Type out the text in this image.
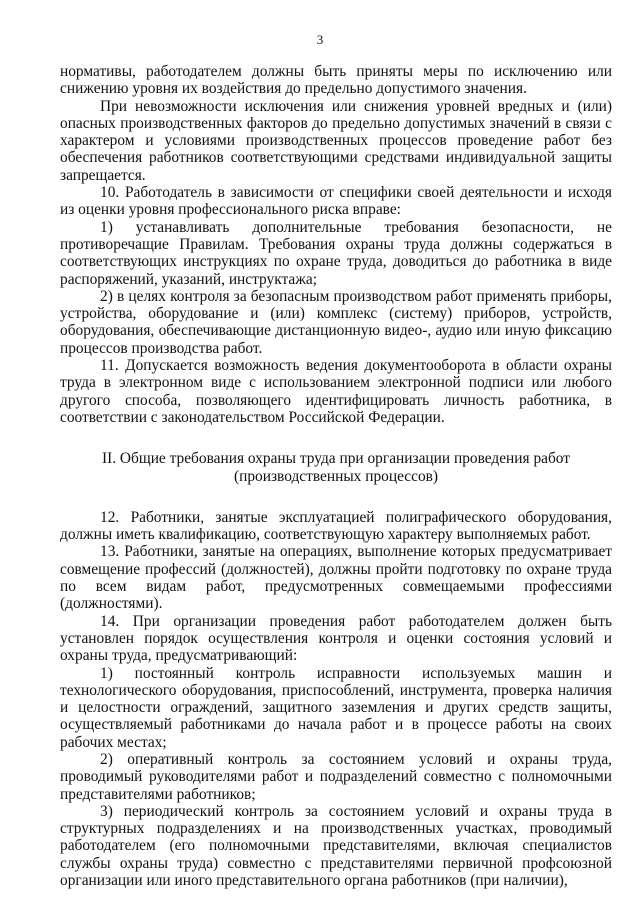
3

нормативы, работодателем должны быть приняты меры по исключению или снижению уровня их воздействия до предельно допустимого значения.

При невозможности исключения или снижения уровней вредных и (или) опасных производственных факторов до предельно допустимых значений в связи с характером и условиями производственных процессов проведение работ без обеспечения работников соответствующими средствами индивидуальной защиты запрещается.

10. Работодатель в зависимости от специфики своей деятельности и исходя из оценки уровня профессионального риска вправе:

1) устанавливать дополнительные требования безопасности, не противоречащие Правилам. Требования охраны труда должны содержаться в соответствующих инструкциях по охране труда, доводиться до работника в виде распоряжений, указаний, инструктажа;

2) в целях контроля за безопасным производством работ применять приборы, устройства, оборудование и (или) комплекс (систему) приборов, устройств, оборудования, обеспечивающие дистанционную видео-, аудио или иную фиксацию процессов производства работ.

11. Допускается возможность ведения документооборота в области охраны труда в электронном виде с использованием электронной подписи или любого другого способа, позволяющего идентифицировать личность работника, в соответствии с законодательством Российской Федерации.

II. Общие требования охраны труда при организации проведения работ (производственных процессов)

12. Работники, занятые эксплуатацией полиграфического оборудования, должны иметь квалификацию, соответствующую характеру выполняемых работ.

13. Работники, занятые на операциях, выполнение которых предусматривает совмещение профессий (должностей), должны пройти подготовку по охране труда по всем видам работ, предусмотренных совмещаемыми профессиями (должностями).

14. При организации проведения работ работодателем должен быть установлен порядок осуществления контроля и оценки состояния условий и охраны труда, предусматривающий:

1) постоянный контроль исправности используемых машин и технологического оборудования, приспособлений, инструмента, проверка наличия и целостности ограждений, защитного заземления и других средств защиты, осуществляемый работниками до начала работ и в процессе работы на своих рабочих местах;

2) оперативный контроль за состоянием условий и охраны труда, проводимый руководителями работ и подразделений совместно с полномочными представителями работников;

3) периодический контроль за состоянием условий и охраны труда в структурных подразделениях и на производственных участках, проводимый работодателем (его полномочными представителями, включая специалистов службы охраны труда) совместно с представителями первичной профсоюзной организации или иного представительного органа работников (при наличии),
